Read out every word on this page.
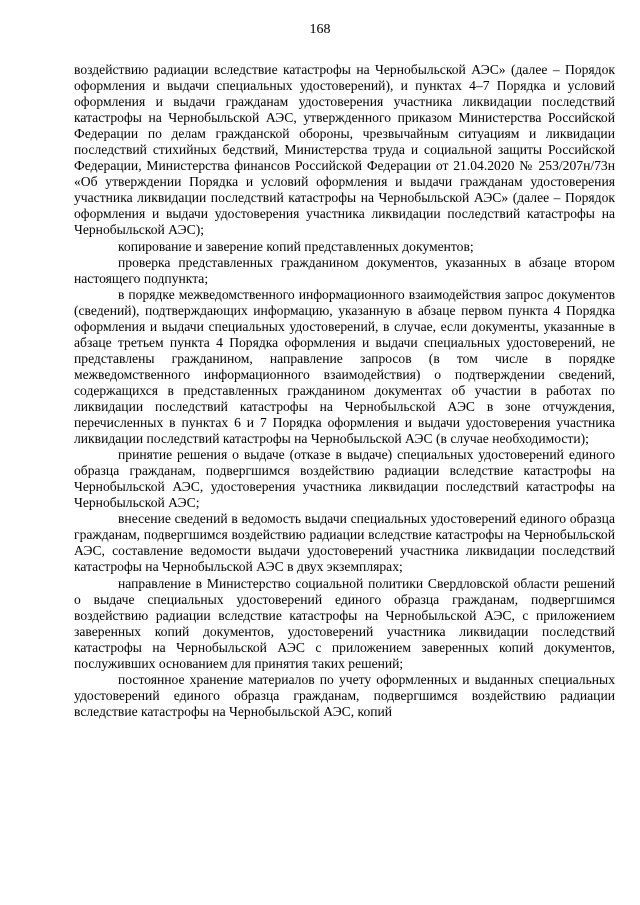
168

воздействию радиации вследствие катастрофы на Чернобыльской АЭС» (далее – Порядок оформления и выдачи специальных удостоверений), и пунктах 4–7 Порядка и условий оформления и выдачи гражданам удостоверения участника ликвидации последствий катастрофы на Чернобыльской АЭС, утвержденного приказом Министерства Российской Федерации по делам гражданской обороны, чрезвычайным ситуациям и ликвидации последствий стихийных бедствий, Министерства труда и социальной защиты Российской Федерации, Министерства финансов Российской Федерации от 21.04.2020 № 253/207н/73н «Об утверждении Порядка и условий оформления и выдачи гражданам удостоверения участника ликвидации последствий катастрофы на Чернобыльской АЭС» (далее – Порядок оформления и выдачи удостоверения участника ликвидации последствий катастрофы на Чернобыльской АЭС);

копирование и заверение копий представленных документов;

проверка представленных гражданином документов, указанных в абзаце втором настоящего подпункта;

в порядке межведомственного информационного взаимодействия запрос документов (сведений), подтверждающих информацию, указанную в абзаце первом пункта 4 Порядка оформления и выдачи специальных удостоверений, в случае, если документы, указанные в абзаце третьем пункта 4 Порядка оформления и выдачи специальных удостоверений, не представлены гражданином, направление запросов (в том числе в порядке межведомственного информационного взаимодействия) о подтверждении сведений, содержащихся в представленных гражданином документах об участии в работах по ликвидации последствий катастрофы на Чернобыльской АЭС в зоне отчуждения, перечисленных в пунктах 6 и 7 Порядка оформления и выдачи удостоверения участника ликвидации последствий катастрофы на Чернобыльской АЭС (в случае необходимости);

принятие решения о выдаче (отказе в выдаче) специальных удостоверений единого образца гражданам, подвергшимся воздействию радиации вследствие катастрофы на Чернобыльской АЭС, удостоверения участника ликвидации последствий катастрофы на Чернобыльской АЭС;

внесение сведений в ведомость выдачи специальных удостоверений единого образца гражданам, подвергшимся воздействию радиации вследствие катастрофы на Чернобыльской АЭС, составление ведомости выдачи удостоверений участника ликвидации последствий катастрофы на Чернобыльской АЭС в двух экземплярах;

направление в Министерство социальной политики Свердловской области решений о выдаче специальных удостоверений единого образца гражданам, подвергшимся воздействию радиации вследствие катастрофы на Чернобыльской АЭС, с приложением заверенных копий документов, удостоверений участника ликвидации последствий катастрофы на Чернобыльской АЭС с приложением заверенных копий документов, послуживших основанием для принятия таких решений;

постоянное хранение материалов по учету оформленных и выданных специальных удостоверений единого образца гражданам, подвергшимся воздействию радиации вследствие катастрофы на Чернобыльской АЭС, копий
